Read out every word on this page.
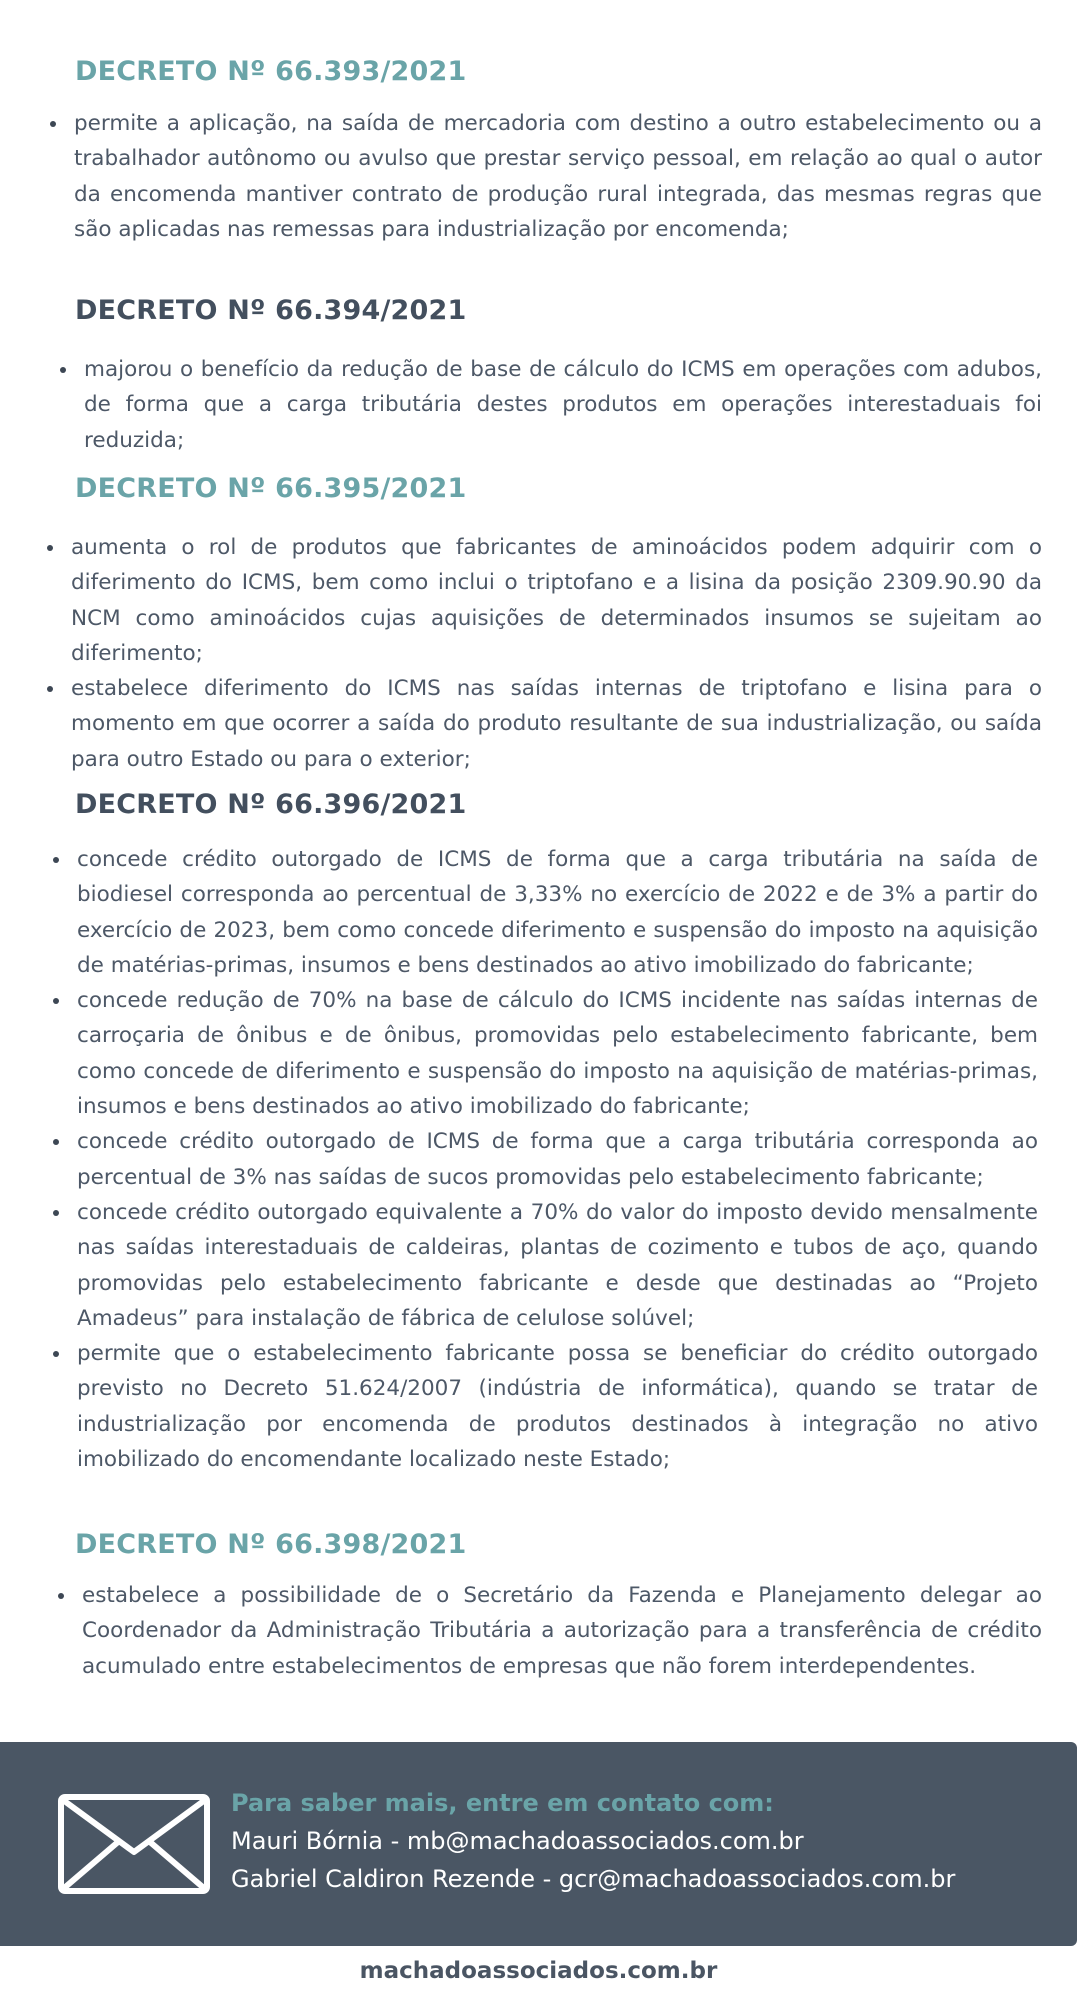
DECRETO Nº 66.393/2021
permite a aplicação, na saída de mercadoria com destino a outro estabelecimento ou a trabalhador autônomo ou avulso que prestar serviço pessoal, em relação ao qual o autor da encomenda mantiver contrato de produção rural integrada, das mesmas regras que são aplicadas nas remessas para industrialização por encomenda;
DECRETO Nº 66.394/2021
majorou o benefício da redução de base de cálculo do ICMS em operações com adubos, de forma que a carga tributária destes produtos em operações interestaduais foi reduzida;
DECRETO Nº 66.395/2021
aumenta o rol de produtos que fabricantes de aminoácidos podem adquirir com o diferimento do ICMS, bem como inclui o triptofano e a lisina da posição 2309.90.90 da NCM como aminoácidos cujas aquisições de determinados insumos se sujeitam ao diferimento;
estabelece diferimento do ICMS nas saídas internas de triptofano e lisina para o momento em que ocorrer a saída do produto resultante de sua industrialização, ou saída para outro Estado ou para o exterior;
DECRETO Nº 66.396/2021
concede crédito outorgado de ICMS de forma que a carga tributária na saída de biodiesel corresponda ao percentual de 3,33% no exercício de 2022 e de 3% a partir do exercício de 2023, bem como concede diferimento e suspensão do imposto na aquisição de matérias-primas, insumos e bens destinados ao ativo imobilizado do fabricante;
concede redução de 70% na base de cálculo do ICMS incidente nas saídas internas de carroçaria de ônibus e de ônibus, promovidas pelo estabelecimento fabricante, bem como concede de diferimento e suspensão do imposto na aquisição de matérias-primas, insumos e bens destinados ao ativo imobilizado do fabricante;
concede crédito outorgado de ICMS de forma que a carga tributária corresponda ao percentual de 3% nas saídas de sucos promovidas pelo estabelecimento fabricante;
concede crédito outorgado equivalente a 70% do valor do imposto devido mensalmente nas saídas interestaduais de caldeiras, plantas de cozimento e tubos de aço, quando promovidas pelo estabelecimento fabricante e desde que destinadas ao “Projeto Amadeus” para instalação de fábrica de celulose solúvel;
permite que o estabelecimento fabricante possa se beneficiar do crédito outorgado previsto no Decreto 51.624/2007 (indústria de informática), quando se tratar de industrialização por encomenda de produtos destinados à integração no ativo imobilizado do encomendante localizado neste Estado;
DECRETO Nº 66.398/2021
estabelece a possibilidade de o Secretário da Fazenda e Planejamento delegar ao Coordenador da Administração Tributária a autorização para a transferência de crédito acumulado entre estabelecimentos de empresas que não forem interdependentes.
Para saber mais, entre em contato com:
Mauri Bórnia - mb@machadoassociados.com.br
Gabriel Caldiron Rezende - gcr@machadoassociados.com.br
machadoassociados.com.br
